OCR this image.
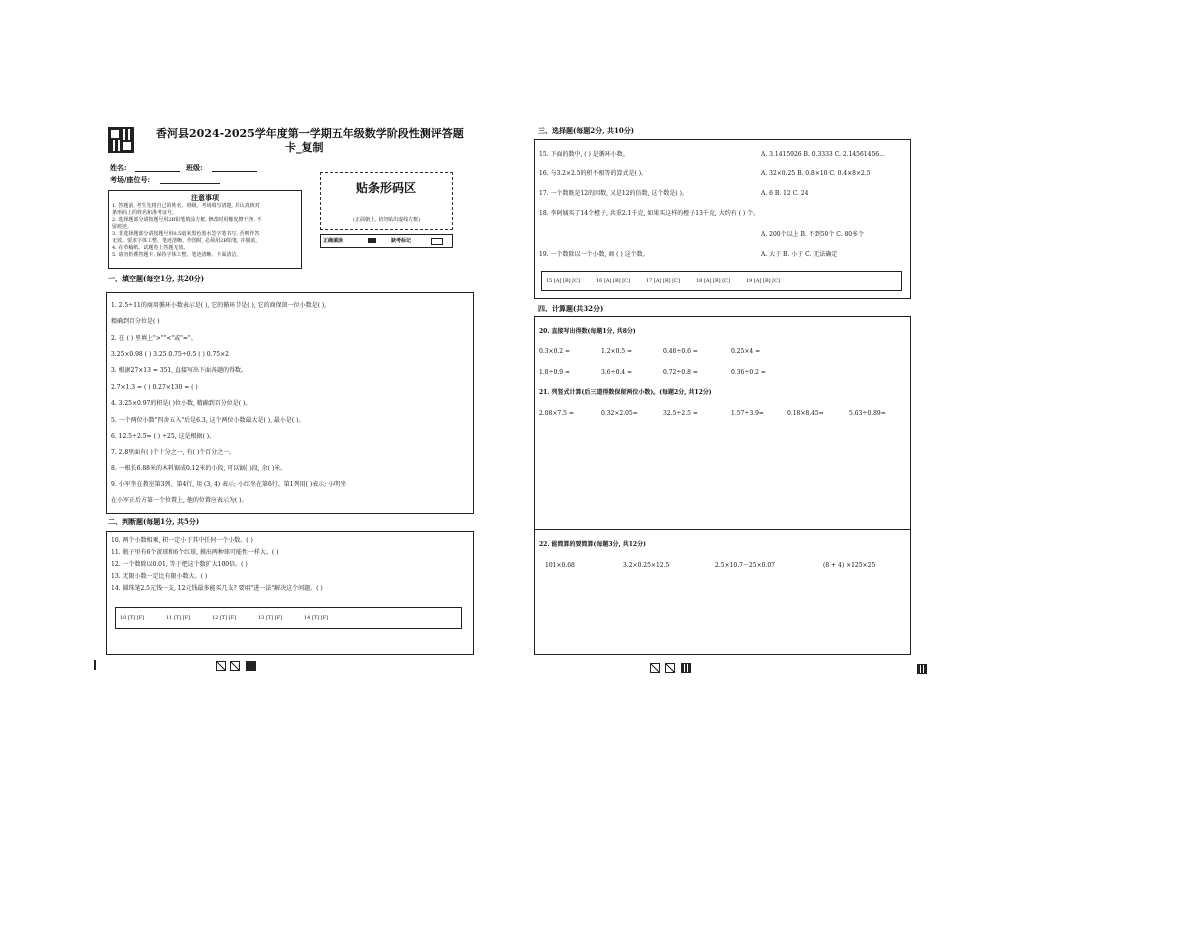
香河县2024-2025学年度第一学期五年级数学阶段性测评答题
卡_复制
姓名:	班级:
考场/座位号:
注意事项
1. 答题前, 考生先将自己的姓名、班级、考场填写清楚, 并认真核对
条形码上的姓名和准考证号。
2. 选择题部分请按题号用2B铅笔填涂方框, 修改时用橡皮擦干净, 不
留痕迹。
3. 非选择题部分请按题号用0.5毫米黑色墨水签字笔书写, 否则作答
无效。要求字体工整、笔迹清晰。作图时, 必须用2B铅笔, 并描浓。
4. 在草稿纸、试题卷上答题无效。
5. 请勿折叠答题卡, 保持字体工整、笔迹清晰、卡面清洁。
贴条形码区
(正面朝上, 切勿贴出虚线方框)
正确填涂	缺考标记
一、填空题(每空1分, 共20分)
1. 2.5÷11的商用循环小数表示是( ), 它的循环节是( ), 它的商保留一位小数是( ),
精确到百分位是( )
2. 在 ( ) 里填上">""<"或"="。
3.25×0.98 ( ) 3.25 0.75÷0.5 ( ) 0.75×2
3. 根据27×13 = 351, 直接写出下面各题的得数。
2.7×1.3 = ( ) 0.27×130 = ( )
4. 3.25×0.97的积是( )位小数, 精确到百分位是( )。
5. 一个两位小数"四舍五入"后是6.3, 这个两位小数最大是( ), 最小是( )。
6. 12.5÷2.5= ( ) ÷25, 这是根据( )。
7. 2.8里面有( )个十分之一, 有( )个百分之一。
8. 一根长6.88米的木料锯成0.12米的小段, 可以锯( )段, 余( )米。
9. 小军坐在教室第3列、第4行, 用 (3, 4) 表示; 小红坐在第6行、第1列用( )表示; 小明坐
在小军正后方第一个位置上, 他的位置应表示为( )。
二、判断题(每题1分, 共5分)
10. 两个小数相乘, 积一定小于其中任何一个小数。( )
11. 瓶子里有6个黄球和6个红球, 摸出两种球可能性一样大。( )
12. 一个数除以0.01, 等于把这个数扩大100倍。( )
13. 无限小数一定比有限小数大。( )
14. 圆珠笔2.5元钱一支, 12元钱最多能买几支? 要用"进一法"解决这个问题。( )
10 [T] [F]	11 [T] [F]	12 [T] [F]	13 [T] [F]	14 [T] [F]
三、选择题(每题2分, 共10分)
15. 下面的数中, ( ) 是循环小数。	A. 3.1415926 B. 0.3333 C. 2.14561456...
16. 与3.2×2.5的积不相等的算式是( )。	A. 32×0.25 B. 0.8×10 C. 0.4×8×2.5
17. 一个数既是12的因数, 又是12的倍数, 这个数是( )。	A. 6 B. 12 C. 24
18. 李阿姨买了14个橙子, 共重2.1千克, 如果买这样的橙子13千克, 大约有 ( ) 个。
A. 200个以上 B. 不到50个 C. 80多个
19. 一个数除以一个小数, 商 ( ) 这个数。	A. 大于 B. 小于 C. 无法确定
15 [A] [B] [C]	16 [A] [B] [C]	17 [A] [B] [C]	18 [A] [B] [C]	19 [A] [B] [C]
四、计算题(共32分)
20. 直接写出得数(每题1分, 共8分)
0.3×0.2 =	1.2×0.5 =	0.48÷0.6 =	0.25×4 =
1.8÷0.9 =	3.6÷0.4 =	0.72÷0.8 =	0.36÷0.2 =
21. 列竖式计算(后三道得数保留两位小数)。(每题2分, 共12分)
2.08×7.5 =	0.32×2.05=	32.5÷2.5 =	1.57÷3.9=	0.18×8.45=	5.63÷0.89=
22. 能简算的要简算(每题3分, 共12分)
101×0.68	3.2×0.25×12.5	2.5×10.7－25×0.07	(8 + 4) ×125×25
